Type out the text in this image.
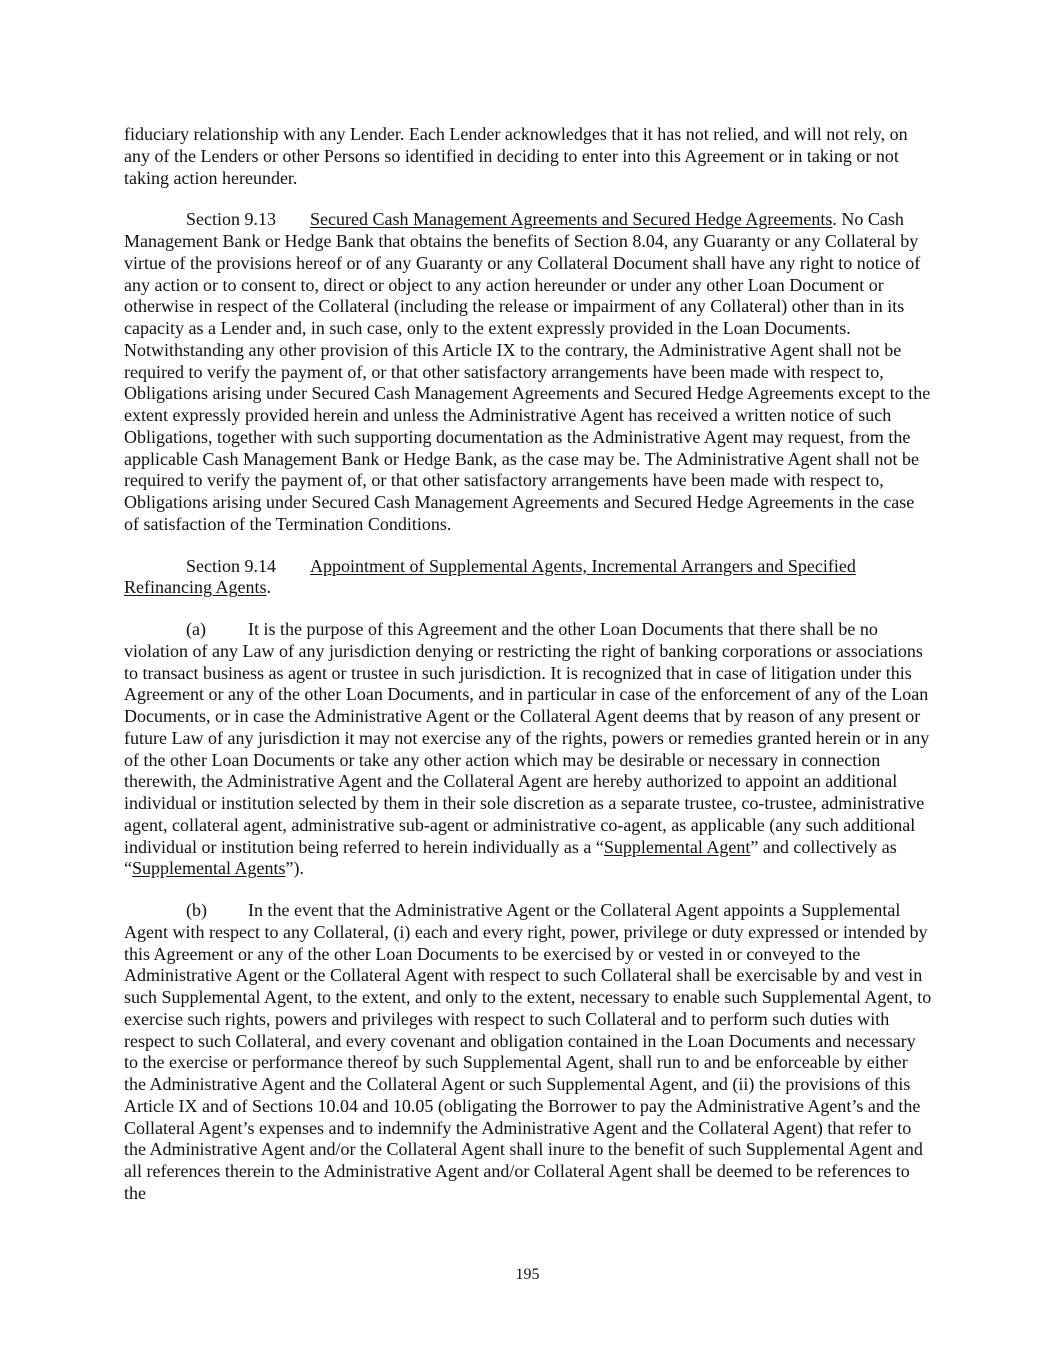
fiduciary relationship with any Lender. Each Lender acknowledges that it has not relied, and will not rely, on any of the Lenders or other Persons so identified in deciding to enter into this Agreement or in taking or not taking action hereunder.

Section 9.13 Secured Cash Management Agreements and Secured Hedge Agreements. No Cash Management Bank or Hedge Bank that obtains the benefits of Section 8.04, any Guaranty or any Collateral by virtue of the provisions hereof or of any Guaranty or any Collateral Document shall have any right to notice of any action or to consent to, direct or object to any action hereunder or under any other Loan Document or otherwise in respect of the Collateral (including the release or impairment of any Collateral) other than in its capacity as a Lender and, in such case, only to the extent expressly provided in the Loan Documents. Notwithstanding any other provision of this Article IX to the contrary, the Administrative Agent shall not be required to verify the payment of, or that other satisfactory arrangements have been made with respect to, Obligations arising under Secured Cash Management Agreements and Secured Hedge Agreements except to the extent expressly provided herein and unless the Administrative Agent has received a written notice of such Obligations, together with such supporting documentation as the Administrative Agent may request, from the applicable Cash Management Bank or Hedge Bank, as the case may be. The Administrative Agent shall not be required to verify the payment of, or that other satisfactory arrangements have been made with respect to, Obligations arising under Secured Cash Management Agreements and Secured Hedge Agreements in the case of satisfaction of the Termination Conditions.

Section 9.14 Appointment of Supplemental Agents, Incremental Arrangers and Specified Refinancing Agents.

(a) It is the purpose of this Agreement and the other Loan Documents that there shall be no violation of any Law of any jurisdiction denying or restricting the right of banking corporations or associations to transact business as agent or trustee in such jurisdiction. It is recognized that in case of litigation under this Agreement or any of the other Loan Documents, and in particular in case of the enforcement of any of the Loan Documents, or in case the Administrative Agent or the Collateral Agent deems that by reason of any present or future Law of any jurisdiction it may not exercise any of the rights, powers or remedies granted herein or in any of the other Loan Documents or take any other action which may be desirable or necessary in connection therewith, the Administrative Agent and the Collateral Agent are hereby authorized to appoint an additional individual or institution selected by them in their sole discretion as a separate trustee, co-trustee, administrative agent, collateral agent, administrative sub-agent or administrative co-agent, as applicable (any such additional individual or institution being referred to herein individually as a “Supplemental Agent” and collectively as “Supplemental Agents”).

(b) In the event that the Administrative Agent or the Collateral Agent appoints a Supplemental Agent with respect to any Collateral, (i) each and every right, power, privilege or duty expressed or intended by this Agreement or any of the other Loan Documents to be exercised by or vested in or conveyed to the Administrative Agent or the Collateral Agent with respect to such Collateral shall be exercisable by and vest in such Supplemental Agent, to the extent, and only to the extent, necessary to enable such Supplemental Agent, to exercise such rights, powers and privileges with respect to such Collateral and to perform such duties with respect to such Collateral, and every covenant and obligation contained in the Loan Documents and necessary to the exercise or performance thereof by such Supplemental Agent, shall run to and be enforceable by either the Administrative Agent and the Collateral Agent or such Supplemental Agent, and (ii) the provisions of this Article IX and of Sections 10.04 and 10.05 (obligating the Borrower to pay the Administrative Agent’s and the Collateral Agent’s expenses and to indemnify the Administrative Agent and the Collateral Agent) that refer to the Administrative Agent and/or the Collateral Agent shall inure to the benefit of such Supplemental Agent and all references therein to the Administrative Agent and/or Collateral Agent shall be deemed to be references to the

195
